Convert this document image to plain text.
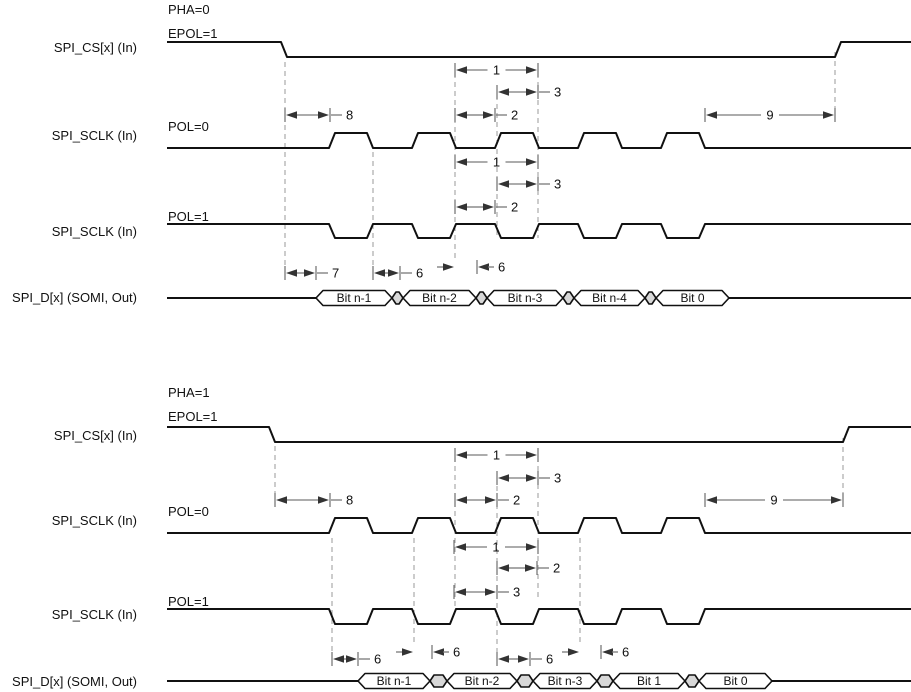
1
3
2
8	9
1
3
2
7	6	6
Bit n-1	Bit n-2	Bit n-3	Bit n-4	Bit 0
PHA=0
EPOL=1
SPI_CS[x] (In)
POL=0
SPI_SCLK (In)
POL=1
SPI_SCLK (In)
SPI_D[x] (SOMI, Out)
1
3
2
8	9
1
2
3
6	6	6	6
Bit n-1	Bit n-2	Bit n-3	Bit 1	Bit 0
PHA=1
EPOL=1
SPI_CS[x] (In)
POL=0
SPI_SCLK (In)
POL=1
SPI_SCLK (In)
SPI_D[x] (SOMI, Out)
